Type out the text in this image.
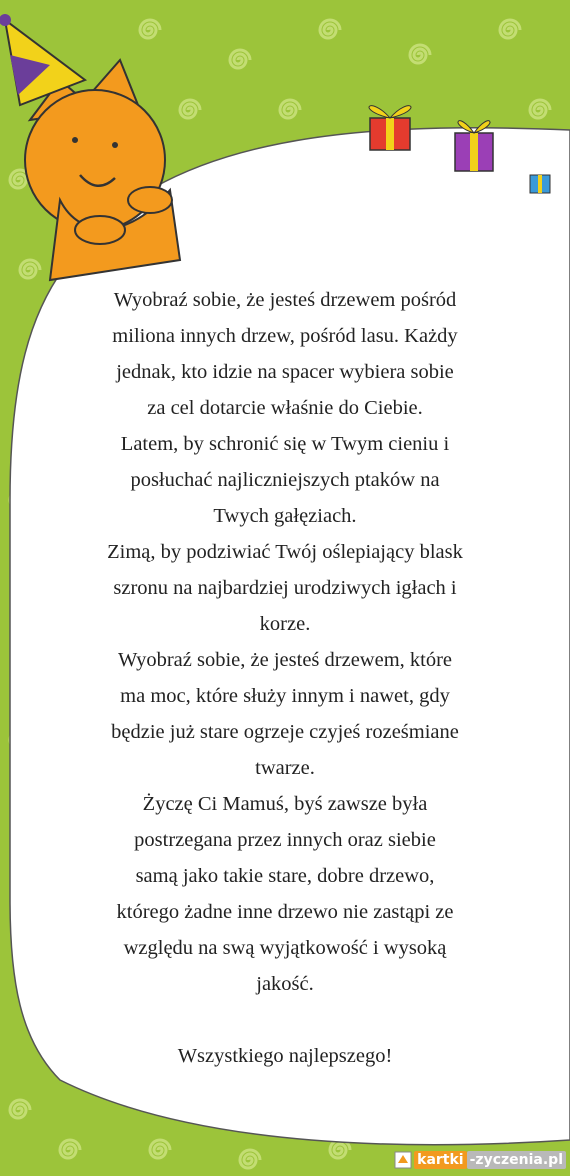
Wyobraź sobie, że jesteś drzewem pośród

miliona innych drzew, pośród lasu. Każdy

jednak, kto idzie na spacer wybiera sobie

za cel dotarcie właśnie do Ciebie.

Latem, by schronić się w Twym cieniu i

posłuchać najliczniejszych ptaków na

Twych gałęziach.

Zimą, by podziwiać Twój oślepiający blask

szronu na najbardziej urodziwych igłach i

korze.

Wyobraź sobie, że jesteś drzewem, które

ma moc, które służy innym i nawet, gdy

będzie już stare ogrzeje czyjeś roześmiane

twarze.

Życzę Ci Mamuś, byś zawsze była

postrzegana przez innych oraz siebie

samą jako takie stare, dobre drzewo,

którego żadne inne drzewo nie zastąpi ze

względu na swą wyjątkowość i wysoką

jakość.

Wszystkiego najlepszego!

kartki -zyczenia.pl
